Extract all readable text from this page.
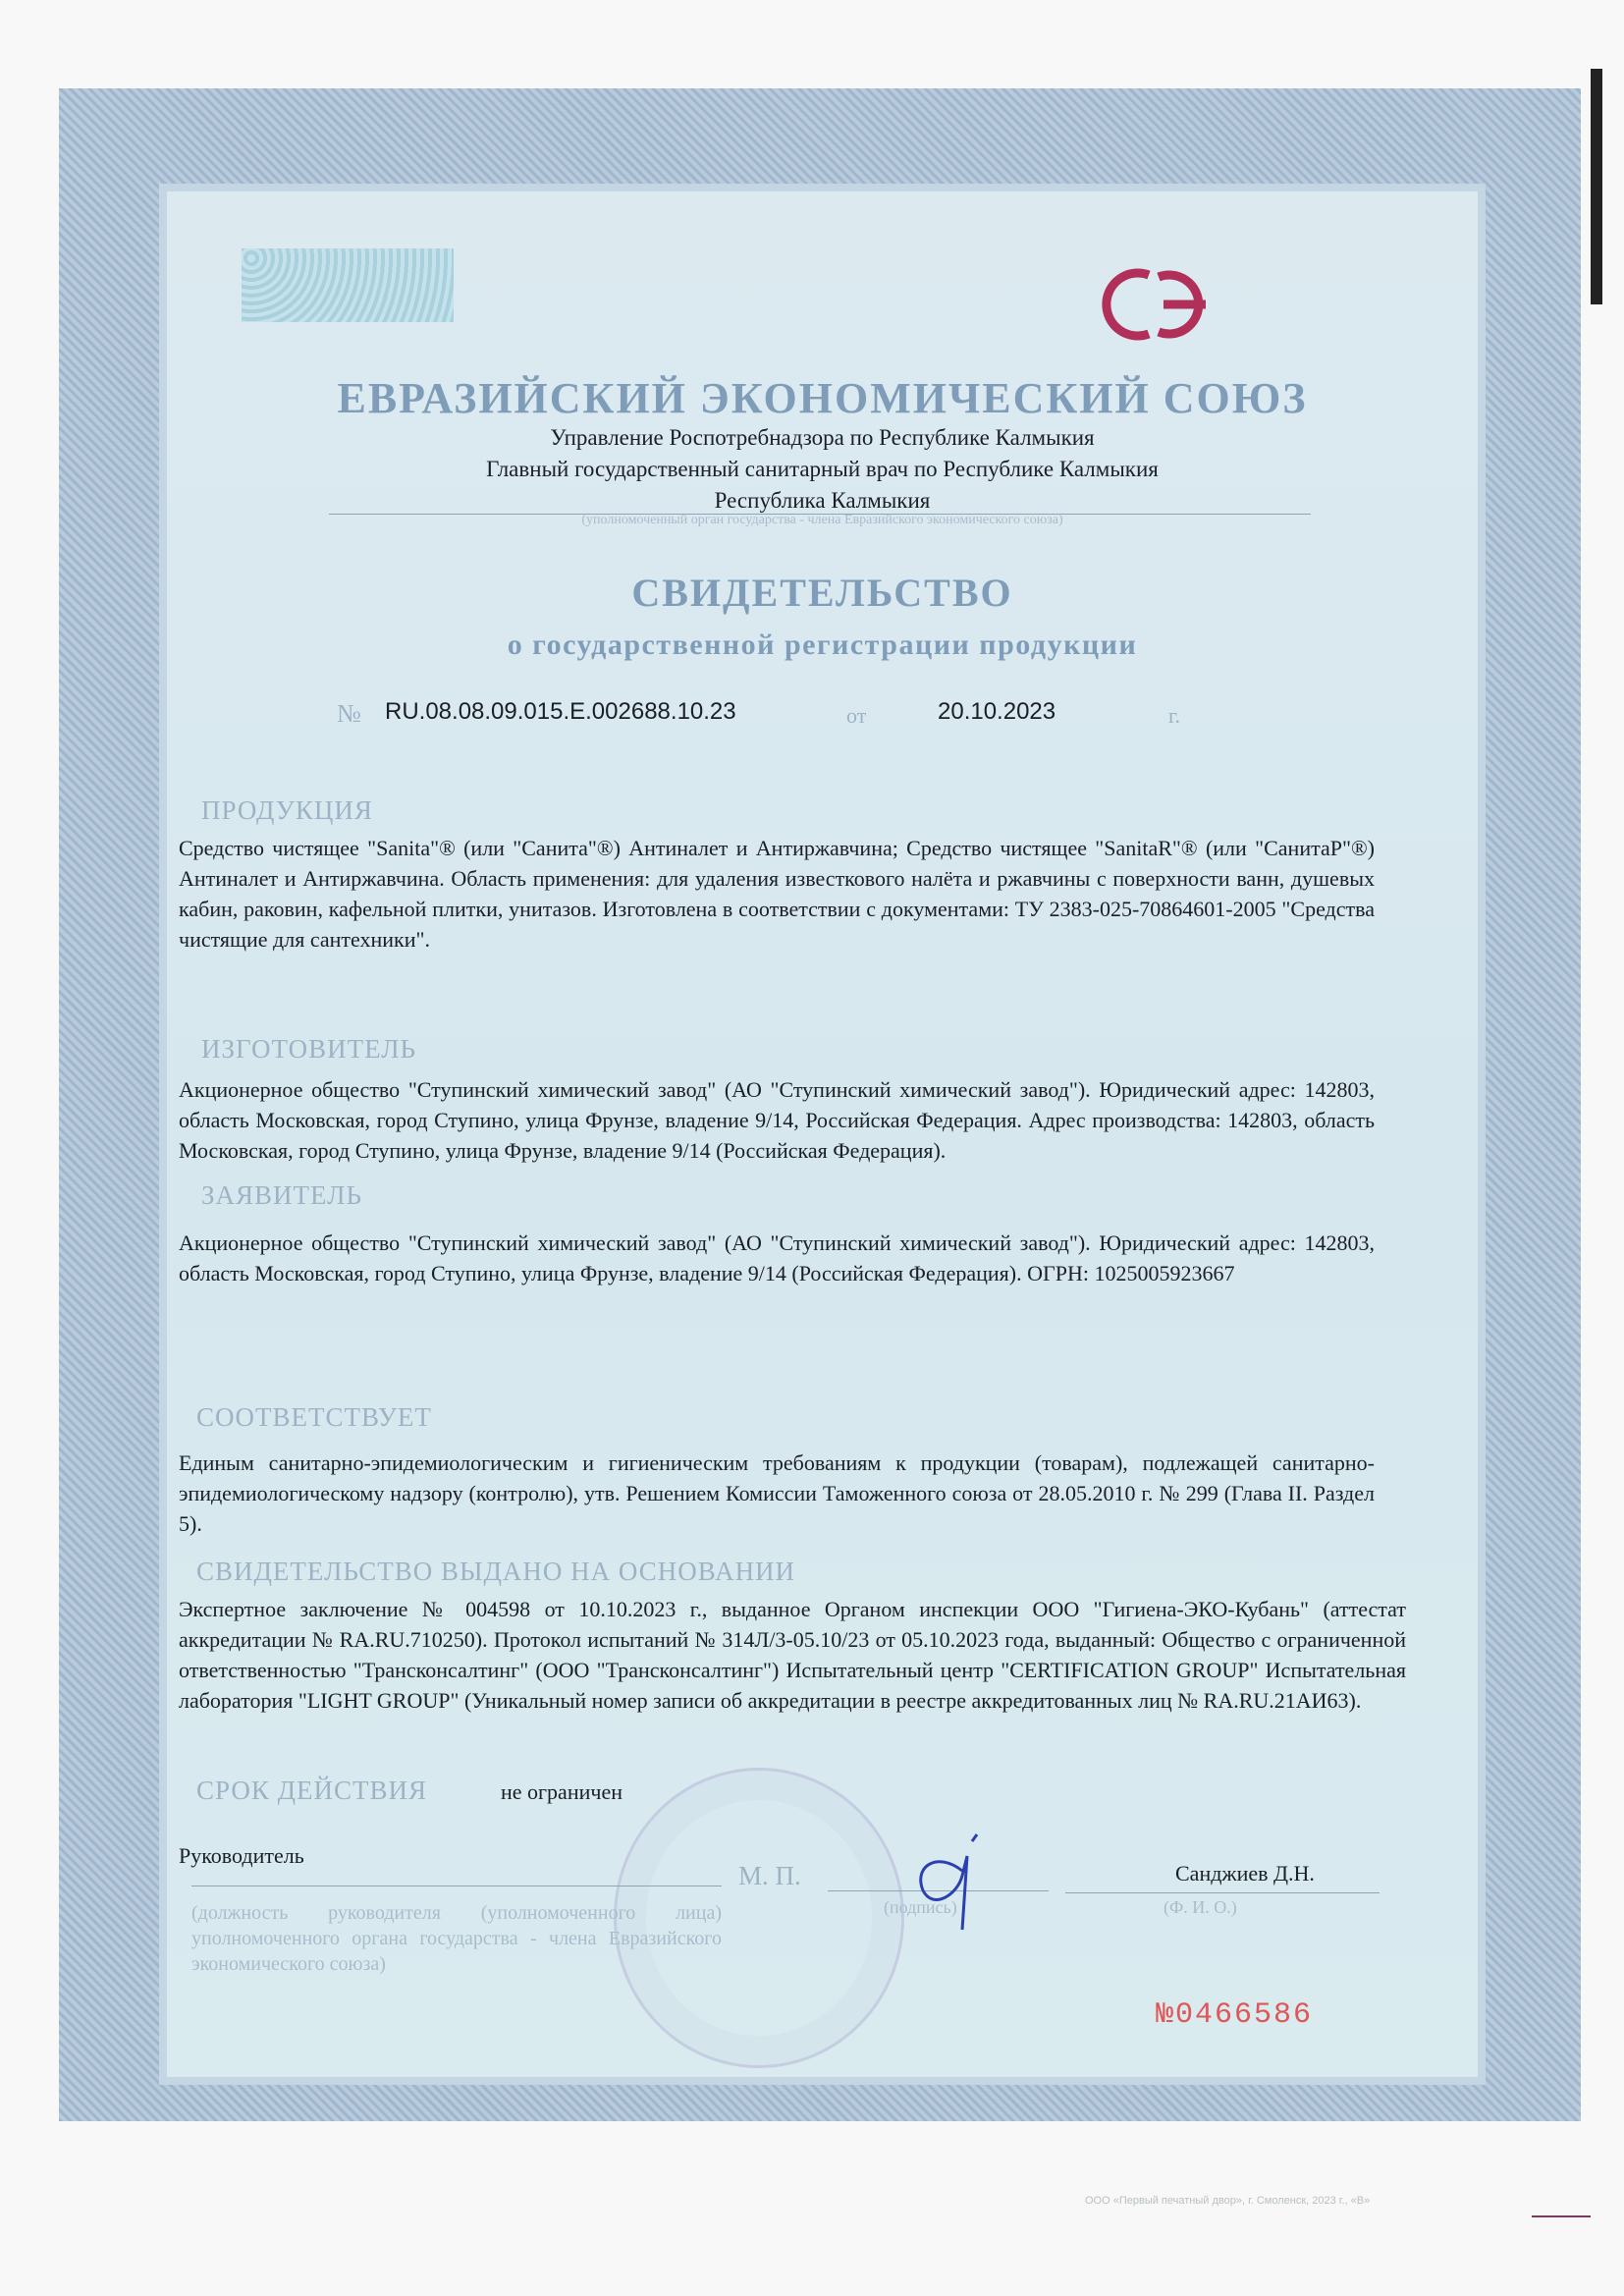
ЕВРАЗИЙСКИЙ ЭКОНОМИЧЕСКИЙ СОЮЗ
Управление Роспотребнадзора по Республике Калмыкия
Главный государственный санитарный врач по Республике Калмыкия
Республика Калмыкия
(уполномоченный орган государства - члена Евразийского экономического союза)
СВИДЕТЕЛЬСТВО
о государственной регистрации продукции
№ RU.08.08.09.015.E.002688.10.23	от	20.10.2023	г.
ПРОДУКЦИЯ
Средство чистящее "Sanita"® (или "Санита"®) Антиналет и Антиржавчина; Средство чистящее "SanitaR"® (или "СанитаР"®) Антиналет и Антиржавчина. Область применения: для удаления известкового налёта и ржавчины с поверхности ванн, душевых кабин, раковин, кафельной плитки, унитазов. Изготовлена в соответствии с документами: ТУ 2383-025-70864601-2005 "Средства чистящие для сантехники".
ИЗГОТОВИТЕЛЬ
Акционерное общество "Ступинский химический завод" (АО "Ступинский химический завод"). Юридический адрес: 142803, область Московская, город Ступино, улица Фрунзе, владение 9/14, Российская Федерация. Адрес производства: 142803, область Московская, город Ступино, улица Фрунзе, владение 9/14 (Российская Федерация).
ЗАЯВИТЕЛЬ
Акционерное общество "Ступинский химический завод" (АО "Ступинский химический завод"). Юридический адрес: 142803, область Московская, город Ступино, улица Фрунзе, владение 9/14 (Российская Федерация). ОГРН: 1025005923667
СООТВЕТСТВУЕТ
Единым санитарно-эпидемиологическим и гигиеническим требованиям к продукции (товарам), подлежащей санитарно-эпидемиологическому надзору (контролю), утв. Решением Комиссии Таможенного союза от 28.05.2010 г. № 299 (Глава II. Раздел 5).
СВИДЕТЕЛЬСТВО ВЫДАНО НА ОСНОВАНИИ
Экспертное заключение № 004598 от 10.10.2023 г., выданное Органом инспекции ООО "Гигиена-ЭКО-Кубань" (аттестат аккредитации № RA.RU.710250). Протокол испытаний № 314Л/3-05.10/23 от 05.10.2023 года, выданный: Общество с ограниченной ответственностью "Трансконсалтинг" (ООО "Трансконсалтинг") Испытательный центр "CERTIFICATION GROUP" Испытательная лаборатория "LIGHT GROUP" (Уникальный номер записи об аккредитации в реестре аккредитованных лиц № RA.RU.21АИ63).
СРОК ДЕЙСТВИЯ	не ограничен
Руководитель
М. П.
(подпись)
Санджиев Д.Н.
(Ф. И. О.)
(должность руководителя (уполномоченного лица) уполномоченного органа государства - члена Евразийского экономического союза)
№0466586
ООО «Первый печатный двор», г. Смоленск, 2023 г., «В»
